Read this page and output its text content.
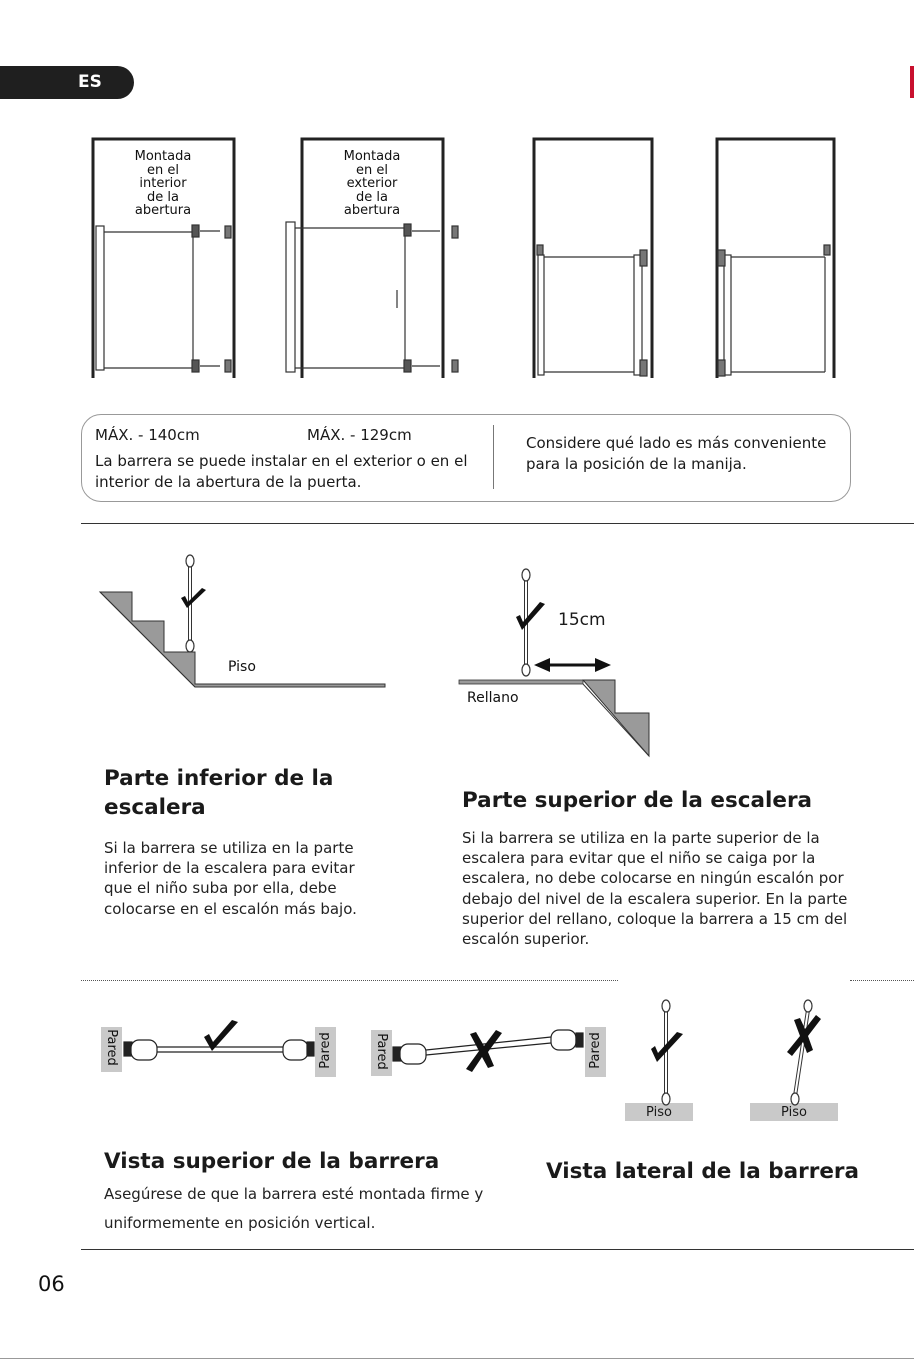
ES
Montada
en el
interior
de la
abertura
Montada
en el
exterior
de la
abertura
MÁX. - 140cm	MÁX. - 129cm
La barrera se puede instalar en el exterior o en el interior de la abertura de la puerta.
Considere qué lado es más conveniente para la posición de la manija.
Piso
Rellano
15cm
Parte inferior de la escalera
Si la barrera se utiliza en la parte inferior de la escalera para evitar que el niño suba por ella, debe colocarse en el escalón más bajo.
Parte superior de la escalera
Si la barrera se utiliza en la parte superior de la escalera para evitar que el niño se caiga por la escalera, no debe colocarse en ningún escalón por debajo del nivel de la escalera superior. En la parte superior del rellano, coloque la barrera a 15 cm del escalón superior.
Pared	Pared	Pared	Pared
Piso	Piso
Vista superior de la barrera
Asegúrese de que la barrera esté montada firme y
uniformemente en posición vertical.
Vista lateral de la barrera
06
